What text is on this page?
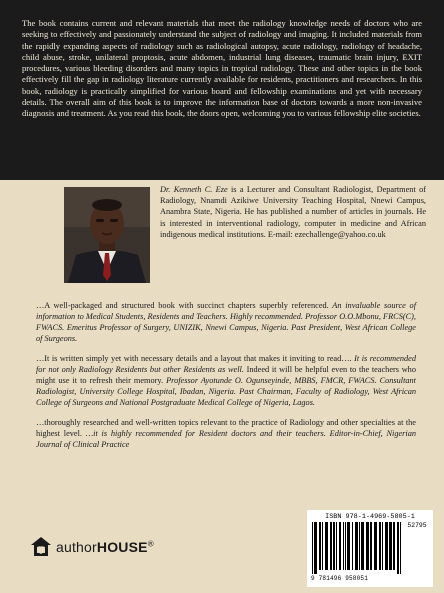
The book contains current and relevant materials that meet the radiology knowledge needs of doctors who are seeking to effectively and passionately understand the subject of radiology and imaging. It included materials from the rapidly expanding aspects of radiology such as radiological autopsy, acute radiology, radiology of headache, child abuse, stroke, unilateral proptosis, acute abdomen, industrial lung diseases, traumatic brain injury, EXIT procedures, various bleeding disorders and many topics in tropical radiology. These and other topics in the book effectively fill the gap in radiology literature currently available for residents, practitioners and researchers. In this book, radiology is practically simplified for various board and fellowship examinations and yet with necessary details. The overall aim of this book is to improve the information base of doctors towards a more non-invasive diagnosis and treatment. As you read this book, the doors open, welcoming you to various fellowship elite societies.

Dr. Kenneth C. Eze is a Lecturer and Consultant Radiologist, Department of Radiology, Nnamdi Azikiwe University Teaching Hospital, Nnewi Campus, Anambra State, Nigeria. He has published a number of articles in journals. He is interested in interventional radiology, computer in medicine and African indigenous medical institutions. E-mail: ezechallenge@yahoo.co.uk

…A well-packaged and structured book with succinct chapters superbly referenced. An invaluable source of information to Medical Students, Residents and Teachers. Highly recommended. Professor O.O.Mbonu, FRCS(C), FWACS. Emeritus Professor of Surgery, UNIZIK, Nnewi Campus, Nigeria. Past President, West African College of Surgeons.

…It is written simply yet with necessary details and a layout that makes it inviting to read…. It is recommended for not only Radiology Residents but other Residents as well. Indeed it will be helpful even to the teachers who might use it to refresh their memory. Professor Ayotunde O. Ogunseyinde, MBBS, FMCR, FWACS. Consultant Radiologist, University College Hospital, Ibadan, Nigeria. Past Chairman, Faculty of Radiology, West African College of Surgeons and National Postgraduate Medical College of Nigeria, Lagos.

…thoroughly researched and well-written topics relevant to the practice of Radiology and other specialties at the highest level. …it is highly recommended for Resident doctors and their teachers. Editor-in-Chief, Nigerian Journal of Clinical Practice

authorHOUSE®
ISBN 978-1-4969-5805-1
52795
9 781496 958051
